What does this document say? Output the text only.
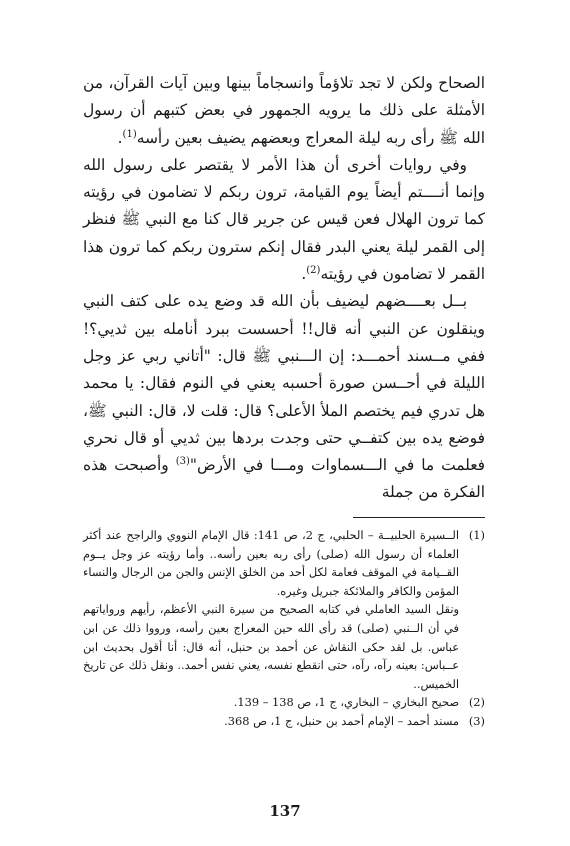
الصحاح ولكن لا تجد تلاؤماً وانسجاماً بينها وبين آيات القرآن، من الأمثلة على ذلك ما يرويه الجمهور في بعض كتبهم أن رسول الله ﷺ رأى ربه ليلة المعراج وبعضهم يضيف بعين رأسه$^{(1)}$.

وفي روايات أخرى أن هذا الأمر لا يقتصر على رسول الله وإنما أنــــتم أيضاً يوم القيامة، ترون ربكم لا تضامون في رؤيته كما ترون الهلال فعن قيس عن جرير قال كنا مع النبي ﷺ فنظر إلى القمر ليلة يعني البدر فقال إنكم سترون ربكم كما ترون هذا القمر لا تضامون في رؤيته$^{(2)}$.

بــل بعــــضهم ليضيف بأن الله قد وضع يده على كتف النبي وينقلون عن النبي أنه قال!! أحسست ببرد أنامله بين ثديي؟! ففي مــسند أحمـــد: إن الـــنبي ﷺ قال: "أتاني ربي عز وجل الليلة في أحــسن صورة أحسبه يعني في النوم فقال: يا محمد هل تدري فيم يختصم الملأ الأعلى؟ قال: قلت لا، قال: النبي ﷺ، فوضع يده بين كتفــي حتى وجدت بردها بين ثديي أو قال نحري فعلمت ما في الـــسماوات ومـــا في الأرض"$^{(3)}$ وأصبحت هذه الفكرة من جملة

(1)

الــسيرة الحلبيــة – الحلبي، ج 2، ص 141: قال الإمام النووي والراجح عند أكثر العلماء أن رسول الله (صلى) رأى ربه بعين رأسه.. وأما رؤيته عز وجل يــوم القــيامة في الموقف فعامة لكل أحد من الخلق الإنس والجن من الرجال والنساء المؤمن والكافر والملائكة جبريل وغيره.

ونقل السيد العاملي في كتابه الصحيح من سيرة النبي الأعظم، رأيهم ورواياتهم في أن الــنبي (صلى) قد رأى الله حين المعراج بعين رأسه، ورووا ذلك عن ابن عباس. بل لقد حكى النقاش عن أحمد بن حنبل، أنه قال: أنا أقول بحديث ابن عــباس: بعينه رآه، رآه، حتى انقطع نفسه، يعني نفس أحمد.. ونقل ذلك عن تاريخ الخميس..

(2)

صحيح البخاري – البخاري، ج 1، ص 138 – 139.

(3)

مسند أحمد – الإمام أحمد بن حنبل، ج 1، ص 368.

137
